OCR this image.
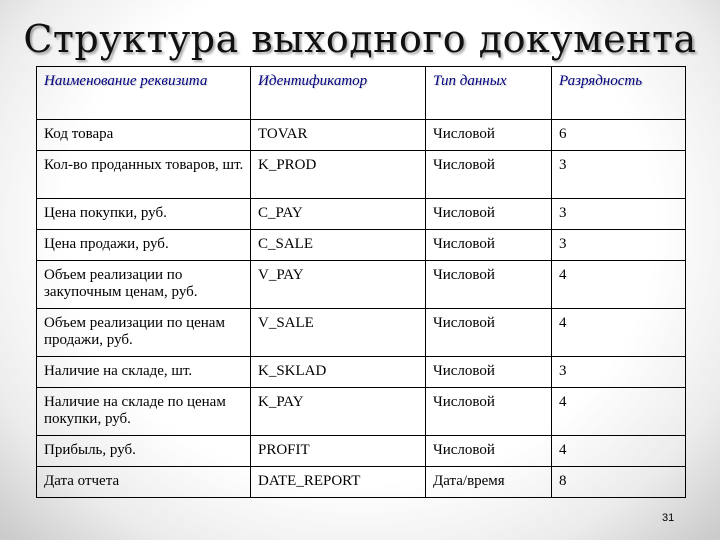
Структура выходного документа
Наименование реквизита	Идентификатор	Тип данных	Разрядность
Код товара	TOVAR	Числовой	6
Кол-во проданных товаров, шт.	K_PROD	Числовой	3
Цена покупки, руб.	C_PAY	Числовой	3
Цена продажи, руб.	C_SALE	Числовой	3
Объем реализации по закупочным ценам, руб.	V_PAY	Числовой	4
Объем реализации по ценам продажи, руб.	V_SALE	Числовой	4
Наличие на складе, шт.	K_SKLAD	Числовой	3
Наличие на складе по ценам покупки, руб.	K_PAY	Числовой	4
Прибыль, руб.	PROFIT	Числовой	4
Дата отчета	DATE_REPORT	Дата/время	8
31
